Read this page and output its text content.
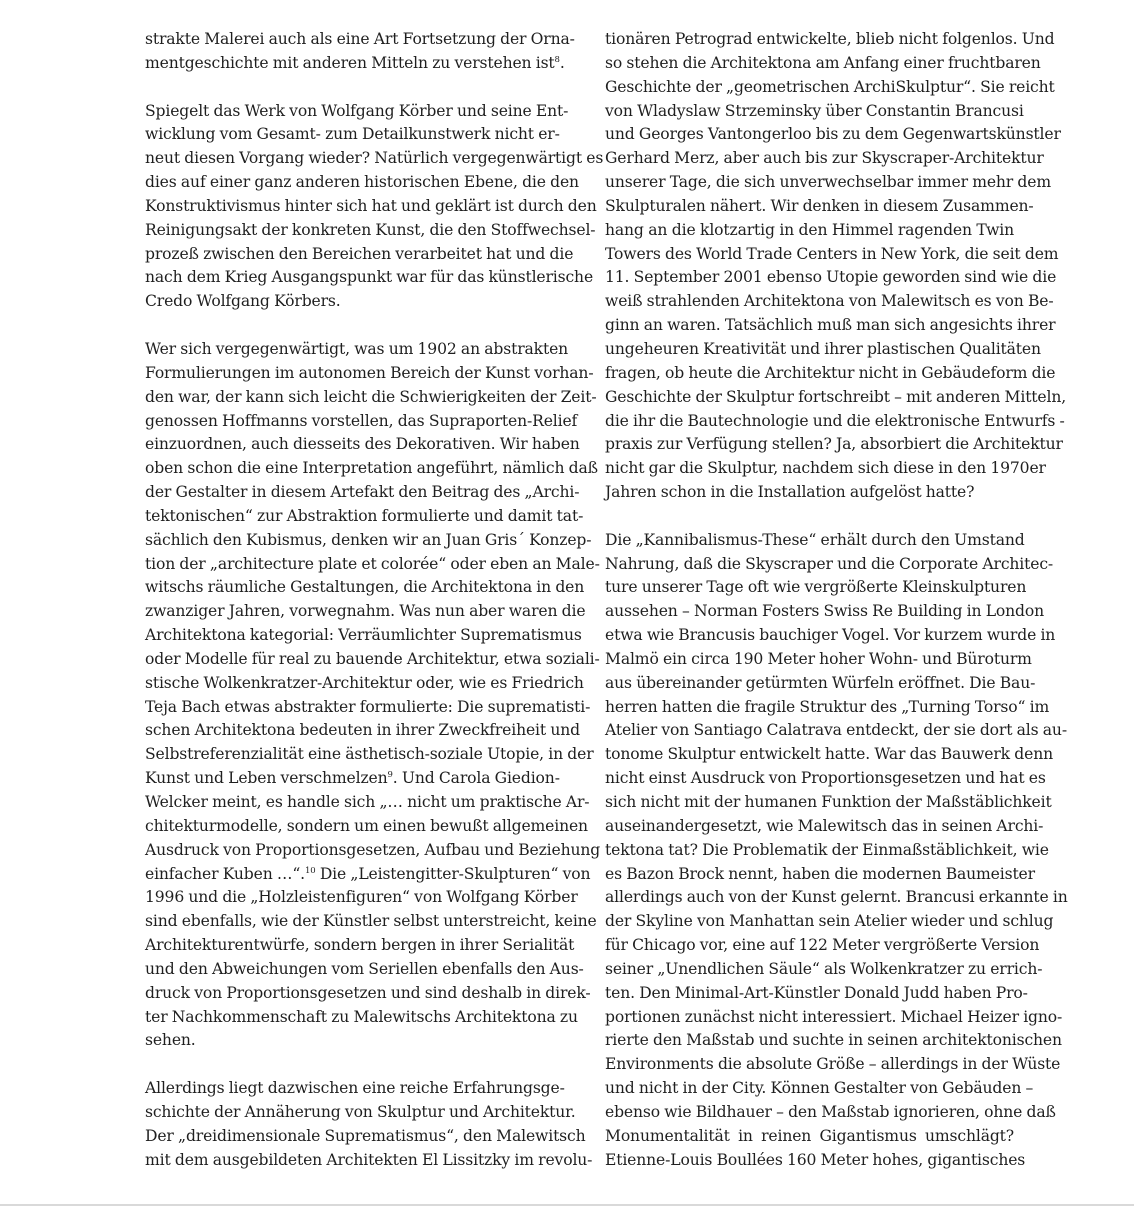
strakte Malerei auch als eine Art Fortsetzung der Orna-
mentgeschichte mit anderen Mitteln zu verstehen ist$^8$.

Spiegelt das Werk von Wolfgang Körber und seine Ent-
wicklung vom Gesamt- zum Detailkunstwerk nicht er-
neut diesen Vorgang wieder? Natürlich vergegenwärtigt es
dies auf einer ganz anderen historischen Ebene, die den
Konstruktivismus hinter sich hat und geklärt ist durch den
Reinigungsakt der konkreten Kunst, die den Stoffwechsel-
prozeß zwischen den Bereichen verarbeitet hat und die
nach dem Krieg Ausgangspunkt war für das künstlerische
Credo Wolfgang Körbers.

Wer sich vergegenwärtigt, was um 1902 an abstrakten
Formulierungen im autonomen Bereich der Kunst vorhan-
den war, der kann sich leicht die Schwierigkeiten der Zeit-
genossen Hoffmanns vorstellen, das Supraporten-Relief
einzuordnen, auch diesseits des Dekorativen. Wir haben
oben schon die eine Interpretation angeführt, nämlich daß
der Gestalter in diesem Artefakt den Beitrag des „Archi-
tektonischen“ zur Abstraktion formulierte und damit tat-
sächlich den Kubismus, denken wir an Juan Gris´ Konzep-
tion der „architecture plate et colorée“ oder eben an Male-
witschs räumliche Gestaltungen, die Architektona in den
zwanziger Jahren, vorwegnahm. Was nun aber waren die
Architektona kategorial: Verräumlichter Suprematismus
oder Modelle für real zu bauende Architektur, etwa soziali-
stische Wolkenkratzer-Architektur oder, wie es Friedrich
Teja Bach etwas abstrakter formulierte: Die suprematisti-
schen Architektona bedeuten in ihrer Zweckfreiheit und
Selbstreferenzialität eine ästhetisch-soziale Utopie, in der
Kunst und Leben verschmelzen$^9$. Und Carola Giedion-
Welcker meint, es handle sich „… nicht um praktische Ar-
chitekturmodelle, sondern um einen bewußt allgemeinen
Ausdruck von Proportionsgesetzen, Aufbau und Beziehung
einfacher Kuben …“.$^{10}$ Die „Leistengitter-Skulpturen“ von
1996 und die „Holzleistenfiguren“ von Wolfgang Körber
sind ebenfalls, wie der Künstler selbst unterstreicht, keine
Architekturentwürfe, sondern bergen in ihrer Serialität
und den Abweichungen vom Seriellen ebenfalls den Aus-
druck von Proportionsgesetzen und sind deshalb in direk-
ter Nachkommenschaft zu Malewitschs Architektona zu
sehen.

Allerdings liegt dazwischen eine reiche Erfahrungsge-
schichte der Annäherung von Skulptur und Architektur.
Der „dreidimensionale Suprematismus“, den Malewitsch
mit dem ausgebildeten Architekten El Lissitzky im revolu-

tionären Petrograd entwickelte, blieb nicht folgenlos. Und
so stehen die Architektona am Anfang einer fruchtbaren
Geschichte der „geometrischen ArchiSkulptur“. Sie reicht
von Wladyslaw Strzeminsky über Constantin Brancusi
und Georges Vantongerloo bis zu dem Gegenwartskünstler
Gerhard Merz, aber auch bis zur Skyscraper-Architektur
unserer Tage, die sich unverwechselbar immer mehr dem
Skulpturalen nähert. Wir denken in diesem Zusammen-
hang an die klotzartig in den Himmel ragenden Twin
Towers des World Trade Centers in New York, die seit dem
11. September 2001 ebenso Utopie geworden sind wie die
weiß strahlenden Architektona von Malewitsch es von Be-
ginn an waren. Tatsächlich muß man sich angesichts ihrer
ungeheuren Kreativität und ihrer plastischen Qualitäten
fragen, ob heute die Architektur nicht in Gebäudeform die
Geschichte der Skulptur fortschreibt – mit anderen Mitteln,
die ihr die Bautechnologie und die elektronische Entwurfs -
praxis zur Verfügung stellen? Ja, absorbiert die Architektur
nicht gar die Skulptur, nachdem sich diese in den 1970er
Jahren schon in die Installation aufgelöst hatte?

Die „Kannibalismus-These“ erhält durch den Umstand
Nahrung, daß die Skyscraper und die Corporate Architec-
ture unserer Tage oft wie vergrößerte Kleinskulpturen
aussehen – Norman Fosters Swiss Re Building in London
etwa wie Brancusis bauchiger Vogel. Vor kurzem wurde in
Malmö ein circa 190 Meter hoher Wohn- und Büroturm
aus übereinander getürmten Würfeln eröffnet. Die Bau-
herren hatten die fragile Struktur des „Turning Torso“ im
Atelier von Santiago Calatrava entdeckt, der sie dort als au-
tonome Skulptur entwickelt hatte. War das Bauwerk denn
nicht einst Ausdruck von Proportionsgesetzen und hat es
sich nicht mit der humanen Funktion der Maßstäblichkeit
auseinandergesetzt, wie Malewitsch das in seinen Archi-
tektona tat? Die Problematik der Einmaßstäblichkeit, wie
es Bazon Brock nennt, haben die modernen Baumeister
allerdings auch von der Kunst gelernt. Brancusi erkannte in
der Skyline von Manhattan sein Atelier wieder und schlug
für Chicago vor, eine auf 122 Meter vergrößerte Version
seiner „Unendlichen Säule“ als Wolkenkratzer zu errich-
ten. Den Minimal-Art-Künstler Donald Judd haben Pro-
portionen zunächst nicht interessiert. Michael Heizer igno-
rierte den Maßstab und suchte in seinen architektonischen
Environments die absolute Größe – allerdings in der Wüste
und nicht in der City. Können Gestalter von Gebäuden –
ebenso wie Bildhauer – den Maßstab ignorieren, ohne daß
Monumentalität in reinen Gigantismus umschlägt?
Etienne-Louis Boullées 160 Meter hohes, gigantisches
